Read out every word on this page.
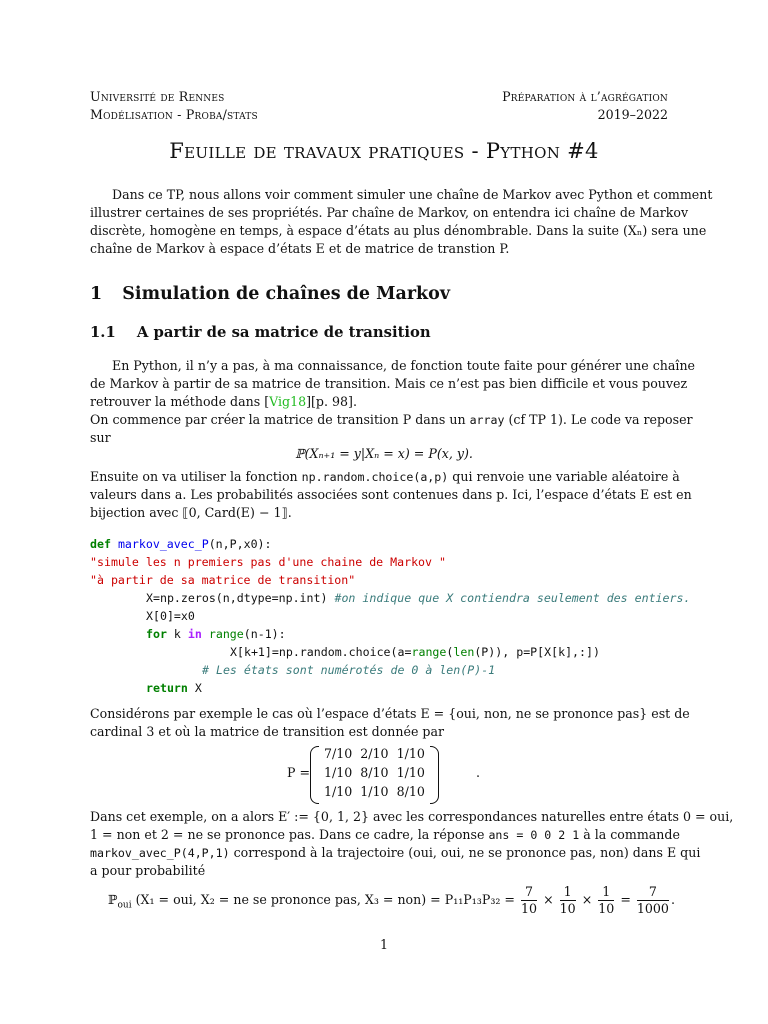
Université de Rennes
Modélisation - Proba/stats
Préparation à l’agrégation
2019–2022
Feuille de travaux pratiques - Python #4
Dans ce TP, nous allons voir comment simuler une chaîne de Markov avec Python et comment
illustrer certaines de ses propriétés. Par chaîne de Markov, on entendra ici chaîne de Markov
discrète, homogène en temps, à espace d’états au plus dénombrable. Dans la suite (Xₙ) sera une
chaîne de Markov à espace d’états E et de matrice de transtion P.
1 Simulation de chaînes de Markov
1.1 A partir de sa matrice de transition
En Python, il n’y a pas, à ma connaissance, de fonction toute faite pour générer une chaîne
de Markov à partir de sa matrice de transition. Mais ce n’est pas bien difficile et vous pouvez
retrouver la méthode dans [Vig18][p. 98].
On commence par créer la matrice de transition P dans un array (cf TP 1). Le code va reposer
sur
ℙ(Xₙ₊₁ = y|Xₙ = x) = P(x, y).
Ensuite on va utiliser la fonction np.random.choice(a,p) qui renvoie une variable aléatoire à
valeurs dans a. Les probabilités associées sont contenues dans p. Ici, l’espace d’états E est en
bijection avec ⟦0, Card(E) − 1⟧.
def markov_avec_P(n,P,x0):
"simule les n premiers pas d'une chaine de Markov "
"à partir de sa matrice de transition"
X=np.zeros(n,dtype=np.int) #on indique que X contiendra seulement des entiers.
X[0]=x0
for k in range(n-1):
X[k+1]=np.random.choice(a=range(len(P)), p=P[X[k],:])
# Les états sont numérotés de 0 à len(P)-1
return X
Considérons par exemple le cas où l’espace d’états E = {oui, non, ne se prononce pas} est de
cardinal 3 et où la matrice de transition est donnée par
P =
7/10	2/10	1/10
1/10	8/10	1/10
1/10	1/10	8/10
.
Dans cet exemple, on a alors E′ := {0, 1, 2} avec les correspondances naturelles entre états 0 = oui,
1 = non et 2 = ne se prononce pas. Dans ce cadre, la réponse ans = 0 0 2 1 à la commande
markov_avec_P(4,P,1) correspond à la trajectoire (oui, oui, ne se prononce pas, non) dans E qui
a pour probabilité
ℙ$_{oui}$ (X₁ = oui, X₂ = ne se prononce pas, $X_3 = non) = P_{11}P_{13}P_{32} = \frac{7}{10} \times \frac{1}{10} \times \frac{1}{10} = \frac{7}{1000}$ .
1
